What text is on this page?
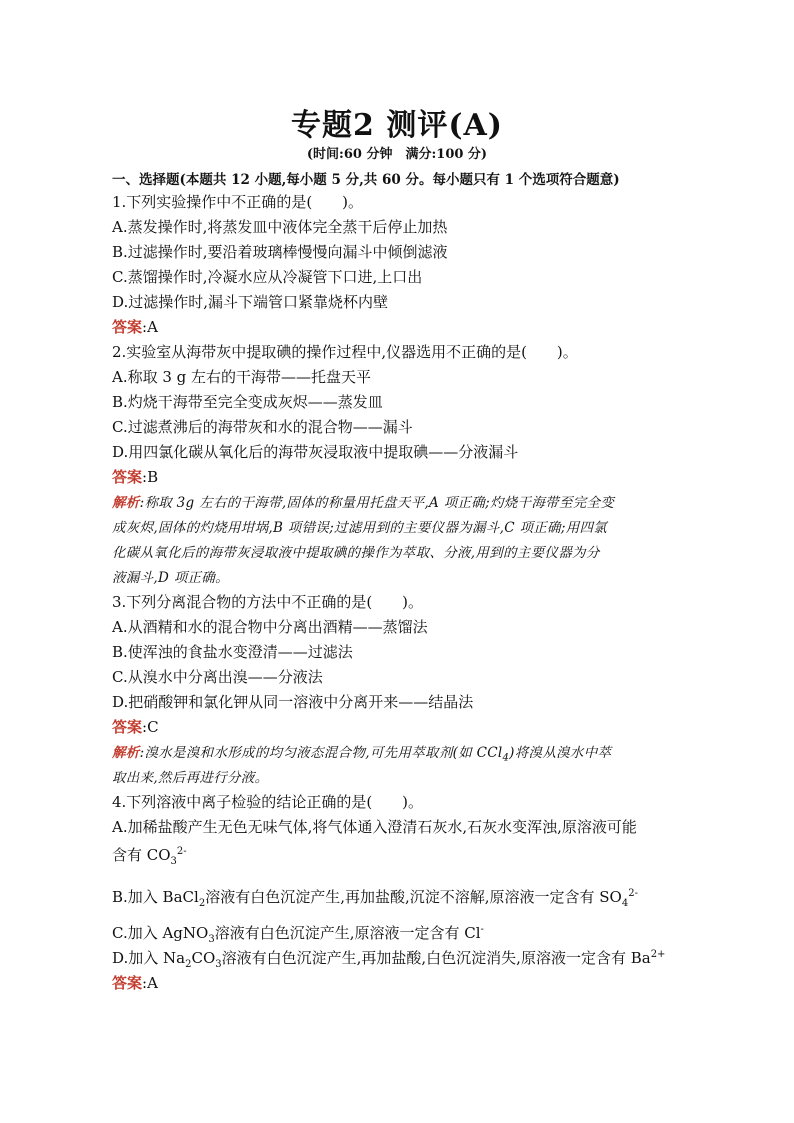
专题2 测评(A)
(时间:60 分钟　满分:100 分)
一、选择题(本题共 12 小题,每小题 5 分,共 60 分。每小题只有 1 个选项符合题意)
1.下列实验操作中不正确的是(　　)。
A.蒸发操作时,将蒸发皿中液体完全蒸干后停止加热
B.过滤操作时,要沿着玻璃棒慢慢向漏斗中倾倒滤液
C.蒸馏操作时,冷凝水应从冷凝管下口进,上口出
D.过滤操作时,漏斗下端管口紧靠烧杯内壁
答案:A
2.实验室从海带灰中提取碘的操作过程中,仪器选用不正确的是(　　)。
A.称取 3 g 左右的干海带——托盘天平
B.灼烧干海带至完全变成灰烬——蒸发皿
C.过滤煮沸后的海带灰和水的混合物——漏斗
D.用四氯化碳从氧化后的海带灰浸取液中提取碘——分液漏斗
答案:B
解析:称取 3g 左右的干海带,固体的称量用托盘天平,A 项正确;灼烧干海带至完全变
成灰烬,固体的灼烧用坩埚,B 项错误;过滤用到的主要仪器为漏斗,C 项正确;用四氯
化碳从氧化后的海带灰浸取液中提取碘的操作为萃取、分液,用到的主要仪器为分
液漏斗,D 项正确。
3.下列分离混合物的方法中不正确的是(　　)。
A.从酒精和水的混合物中分离出酒精——蒸馏法
B.使浑浊的食盐水变澄清——过滤法
C.从溴水中分离出溴——分液法
D.把硝酸钾和氯化钾从同一溶液中分离开来——结晶法
答案:C
解析:溴水是溴和水形成的均匀液态混合物,可先用萃取剂(如 CCl$_4$)将溴从溴水中萃
取出来,然后再进行分液。
4.下列溶液中离子检验的结论正确的是(　　)。
A.加稀盐酸产生无色无味气体,将气体通入澄清石灰水,石灰水变浑浊,原溶液可能
含有 $CO_3^{2-}$
B.加入 BaCl$_2$溶液有白色沉淀产生,再加盐酸,沉淀不溶解,原溶液一定含有 $SO_4^{2-}$
C.加入 AgNO$_3$溶液有白色沉淀产生,原溶液一定含有 Cl-
D.加入 $Na_2CO_3$溶液有白色沉淀产生,再加盐酸,白色沉淀消失,原溶液一定含有 $Ba^{2+}$
答案:A
